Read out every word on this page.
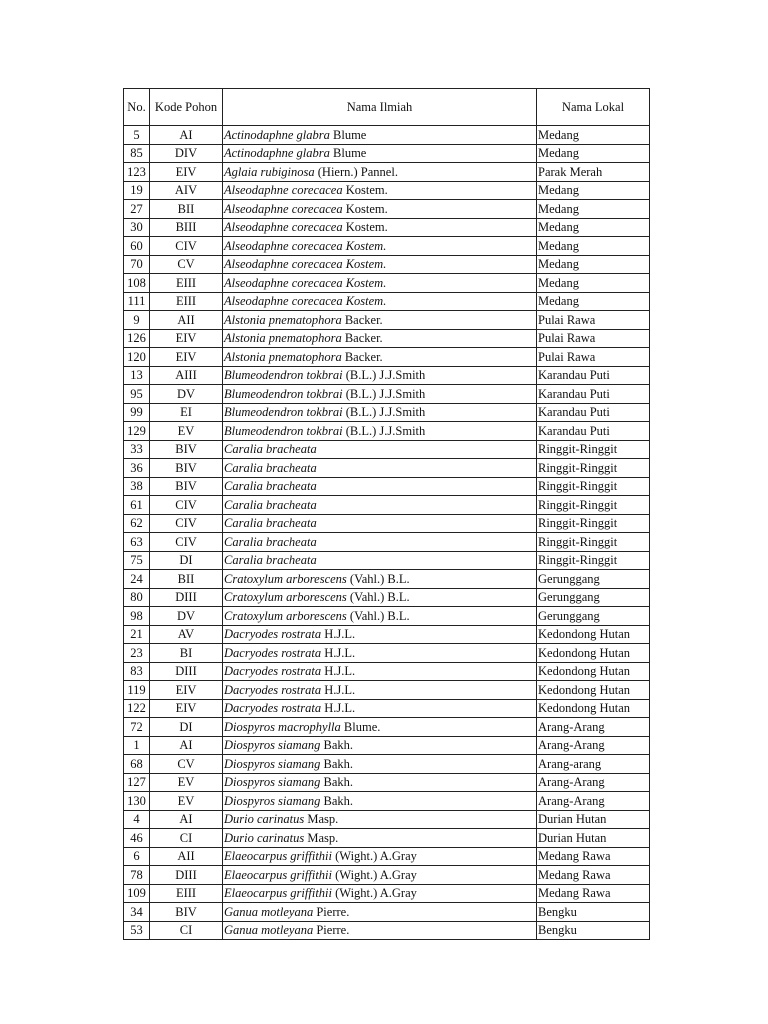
No.	Kode Pohon	Nama Ilmiah	Nama Lokal
5	AI	Actinodaphne glabra Blume	Medang
85	DIV	Actinodaphne glabra Blume	Medang
123	EIV	Aglaia rubiginosa (Hiern.) Pannel.	Parak Merah
19	AIV	Alseodaphne corecacea Kostem.	Medang
27	BII	Alseodaphne corecacea Kostem.	Medang
30	BIII	Alseodaphne corecacea Kostem.	Medang
60	CIV	Alseodaphne corecacea Kostem.	Medang
70	CV	Alseodaphne corecacea Kostem.	Medang
108	EIII	Alseodaphne corecacea Kostem.	Medang
111	EIII	Alseodaphne corecacea Kostem.	Medang
9	AII	Alstonia pnematophora Backer.	Pulai Rawa
126	EIV	Alstonia pnematophora Backer.	Pulai Rawa
120	EIV	Alstonia pnematophora Backer.	Pulai Rawa
13	AIII	Blumeodendron tokbrai (B.L.) J.J.Smith	Karandau Puti
95	DV	Blumeodendron tokbrai (B.L.) J.J.Smith	Karandau Puti
99	EI	Blumeodendron tokbrai (B.L.) J.J.Smith	Karandau Puti
129	EV	Blumeodendron tokbrai (B.L.) J.J.Smith	Karandau Puti
33	BIV	Caralia bracheata	Ringgit-Ringgit
36	BIV	Caralia bracheata	Ringgit-Ringgit
38	BIV	Caralia bracheata	Ringgit-Ringgit
61	CIV	Caralia bracheata	Ringgit-Ringgit
62	CIV	Caralia bracheata	Ringgit-Ringgit
63	CIV	Caralia bracheata	Ringgit-Ringgit
75	DI	Caralia bracheata	Ringgit-Ringgit
24	BII	Cratoxylum arborescens (Vahl.) B.L.	Gerunggang
80	DIII	Cratoxylum arborescens (Vahl.) B.L.	Gerunggang
98	DV	Cratoxylum arborescens (Vahl.) B.L.	Gerunggang
21	AV	Dacryodes rostrata H.J.L.	Kedondong Hutan
23	BI	Dacryodes rostrata H.J.L.	Kedondong Hutan
83	DIII	Dacryodes rostrata H.J.L.	Kedondong Hutan
119	EIV	Dacryodes rostrata H.J.L.	Kedondong Hutan
122	EIV	Dacryodes rostrata H.J.L.	Kedondong Hutan
72	DI	Diospyros macrophylla Blume.	Arang-Arang
1	AI	Diospyros siamang Bakh.	Arang-Arang
68	CV	Diospyros siamang Bakh.	Arang-arang
127	EV	Diospyros siamang Bakh.	Arang-Arang
130	EV	Diospyros siamang Bakh.	Arang-Arang
4	AI	Durio carinatus Masp.	Durian Hutan
46	CI	Durio carinatus Masp.	Durian Hutan
6	AII	Elaeocarpus griffithii (Wight.) A.Gray	Medang Rawa
78	DIII	Elaeocarpus griffithii (Wight.) A.Gray	Medang Rawa
109	EIII	Elaeocarpus griffithii (Wight.) A.Gray	Medang Rawa
34	BIV	Ganua motleyana Pierre.	Bengku
53	CI	Ganua motleyana Pierre.	Bengku
